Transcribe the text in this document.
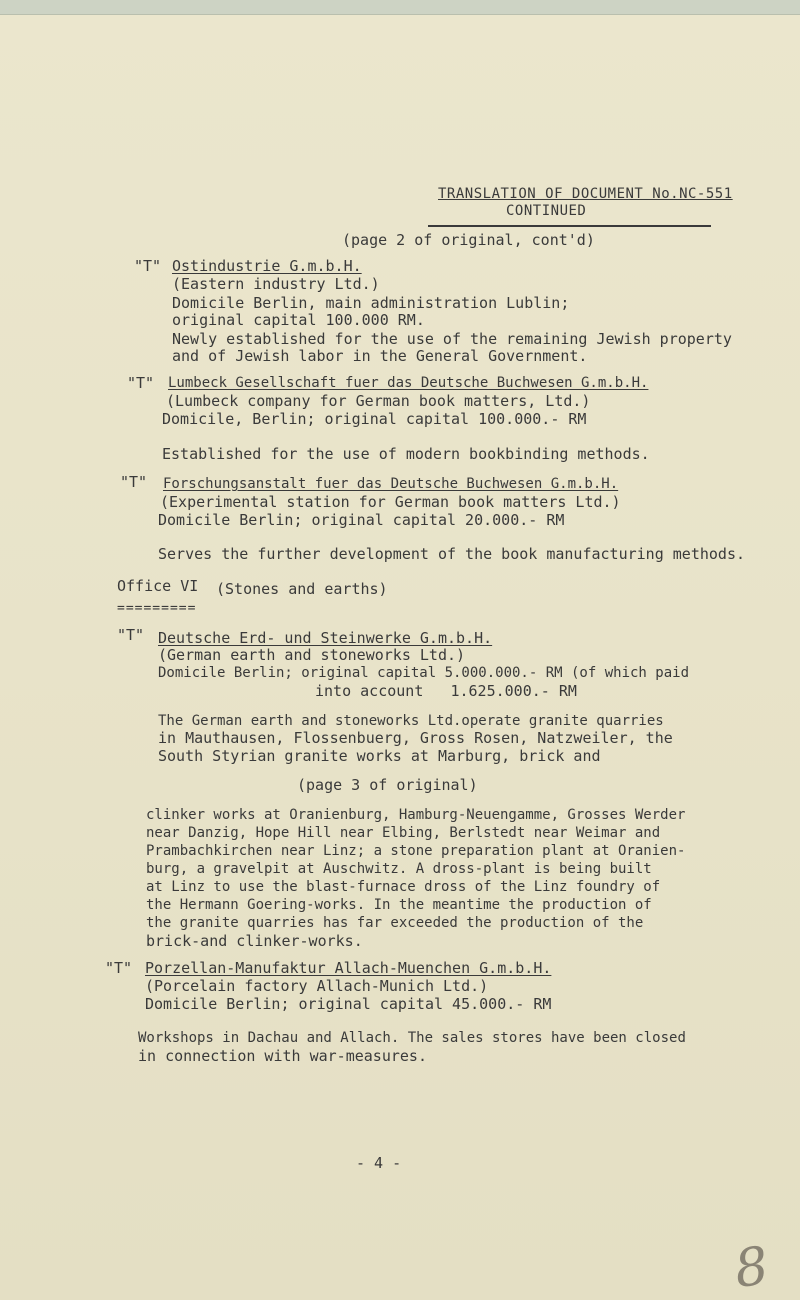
TRANSLATION OF DOCUMENT No.NC-551
CONTINUED
(page 2 of original, cont'd)
"T" Ostindustrie G.m.b.H.
(Eastern industry Ltd.)
Domicile Berlin, main administration Lublin;
original capital 100.000 RM.
Newly established for the use of the remaining Jewish property
and of Jewish labor in the General Government.
"T" Lumbeck Gesellschaft fuer das Deutsche Buchwesen G.m.b.H.
(Lumbeck company for German book matters, Ltd.)
Domicile, Berlin; original capital 100.000.- RM
Established for the use of modern bookbinding methods.
"T" Forschungsanstalt fuer das Deutsche Buchwesen G.m.b.H.
(Experimental station for German book matters Ltd.)
Domicile Berlin; original capital 20.000.- RM
Serves the further development of the book manufacturing methods.
Office VI (Stones and earths)
=========
"T" Deutsche Erd- und Steinwerke G.m.b.H.
(German earth and stoneworks Ltd.)
Domicile Berlin; original capital 5.000.000.- RM (of which paid
into account   1.625.000.- RM
The German earth and stoneworks Ltd.operate granite quarries
in Mauthausen, Flossenbuerg, Gross Rosen, Natzweiler, the
South Styrian granite works at Marburg, brick and
(page 3 of original)
clinker works at Oranienburg, Hamburg-Neuengamme, Grosses Werder
near Danzig, Hope Hill near Elbing, Berlstedt near Weimar and
Prambachkirchen near Linz; a stone preparation plant at Oranien-
burg, a gravelpit at Auschwitz. A dross-plant is being built
at Linz to use the blast-furnace dross of the Linz foundry of
the Hermann Goering-works. In the meantime the production of
the granite quarries has far exceeded the production of the
brick-and clinker-works.
"T" Porzellan-Manufaktur Allach-Muenchen G.m.b.H.
(Porcelain factory Allach-Munich Ltd.)
Domicile Berlin; original capital 45.000.- RM
Workshops in Dachau and Allach. The sales stores have been closed
in connection with war-measures.
- 4 -
8
